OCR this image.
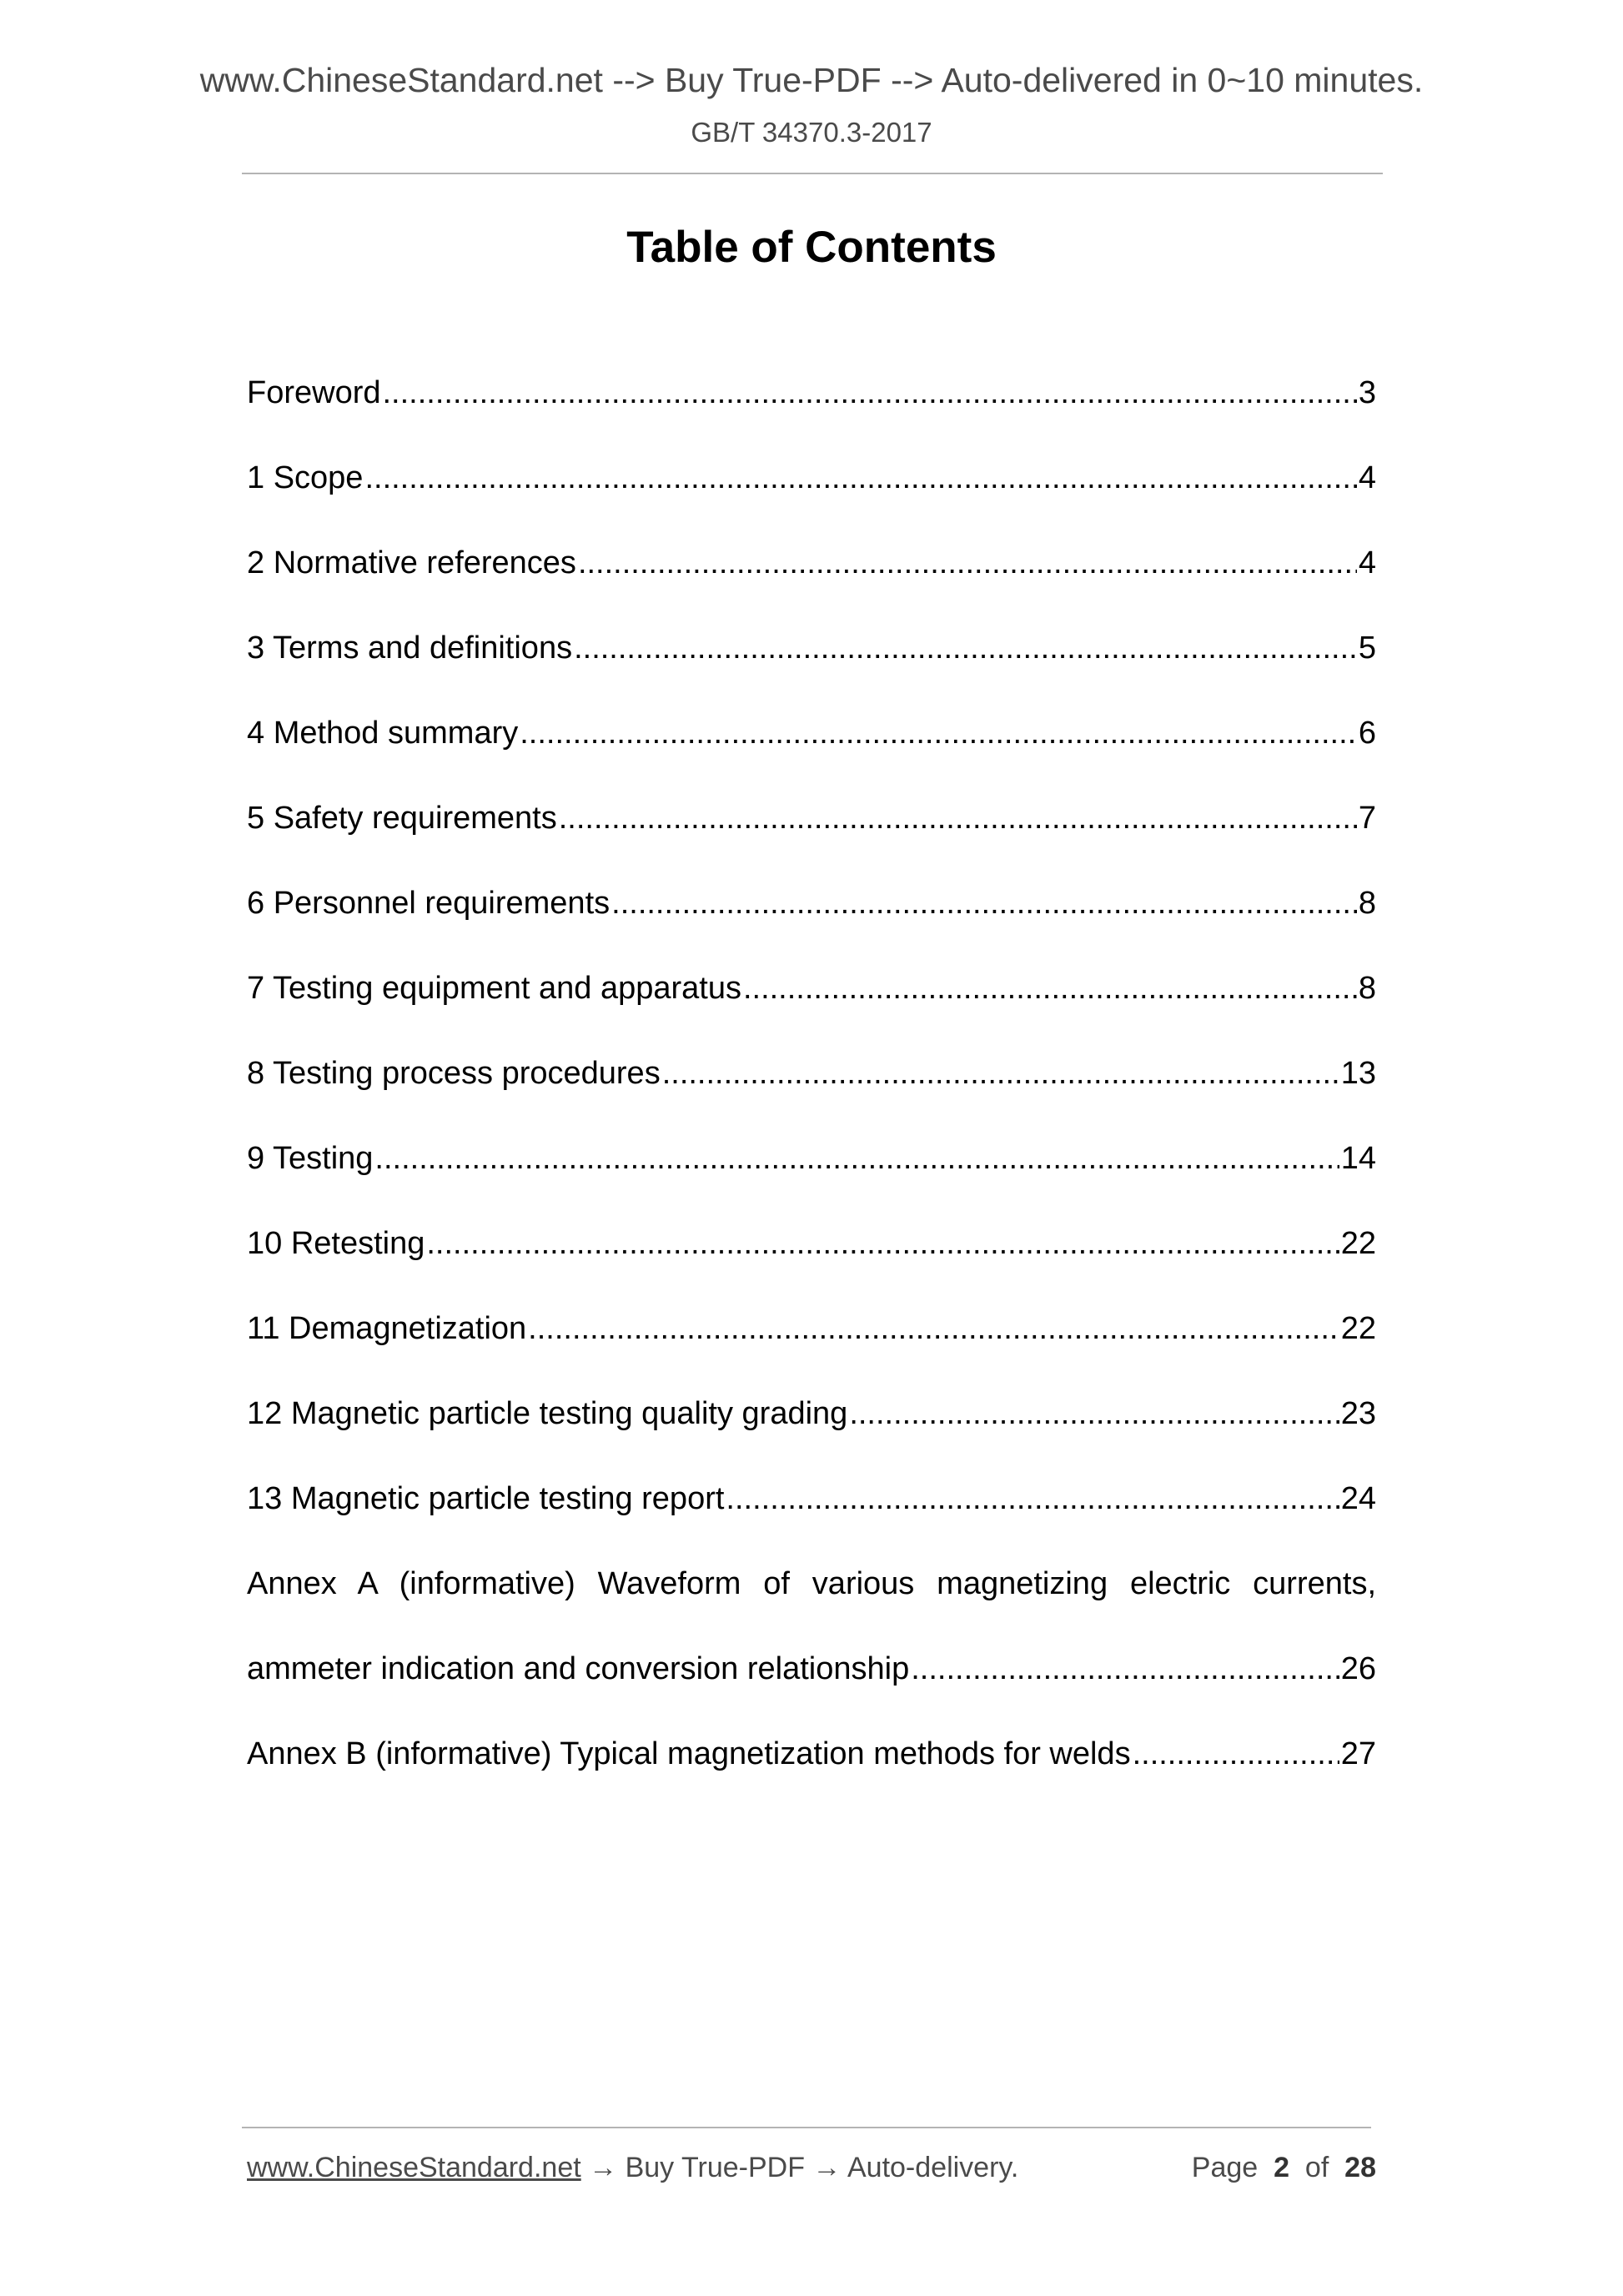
www.ChineseStandard.net --> Buy True-PDF --> Auto-delivered in 0~10 minutes.
GB/T 34370.3-2017
Table of Contents
Foreword .....	3
1 Scope .....	4
2 Normative references .....	4
3 Terms and definitions .....	5
4 Method summary .....	6
5 Safety requirements .....	7
6 Personnel requirements .....	8
7 Testing equipment and apparatus .....	8
8 Testing process procedures .....	13
9 Testing .....	14
10 Retesting .....	22
11 Demagnetization .....	22
12 Magnetic particle testing quality grading .....	23
13 Magnetic particle testing report .....	24
Annex A (informative) Waveform of various magnetizing electric currents,
ammeter indication and conversion relationship .....	26
Annex B (informative) Typical magnetization methods for welds .....	27
www.ChineseStandard.net → Buy True-PDF → Auto-delivery.	Page 2 of 28
